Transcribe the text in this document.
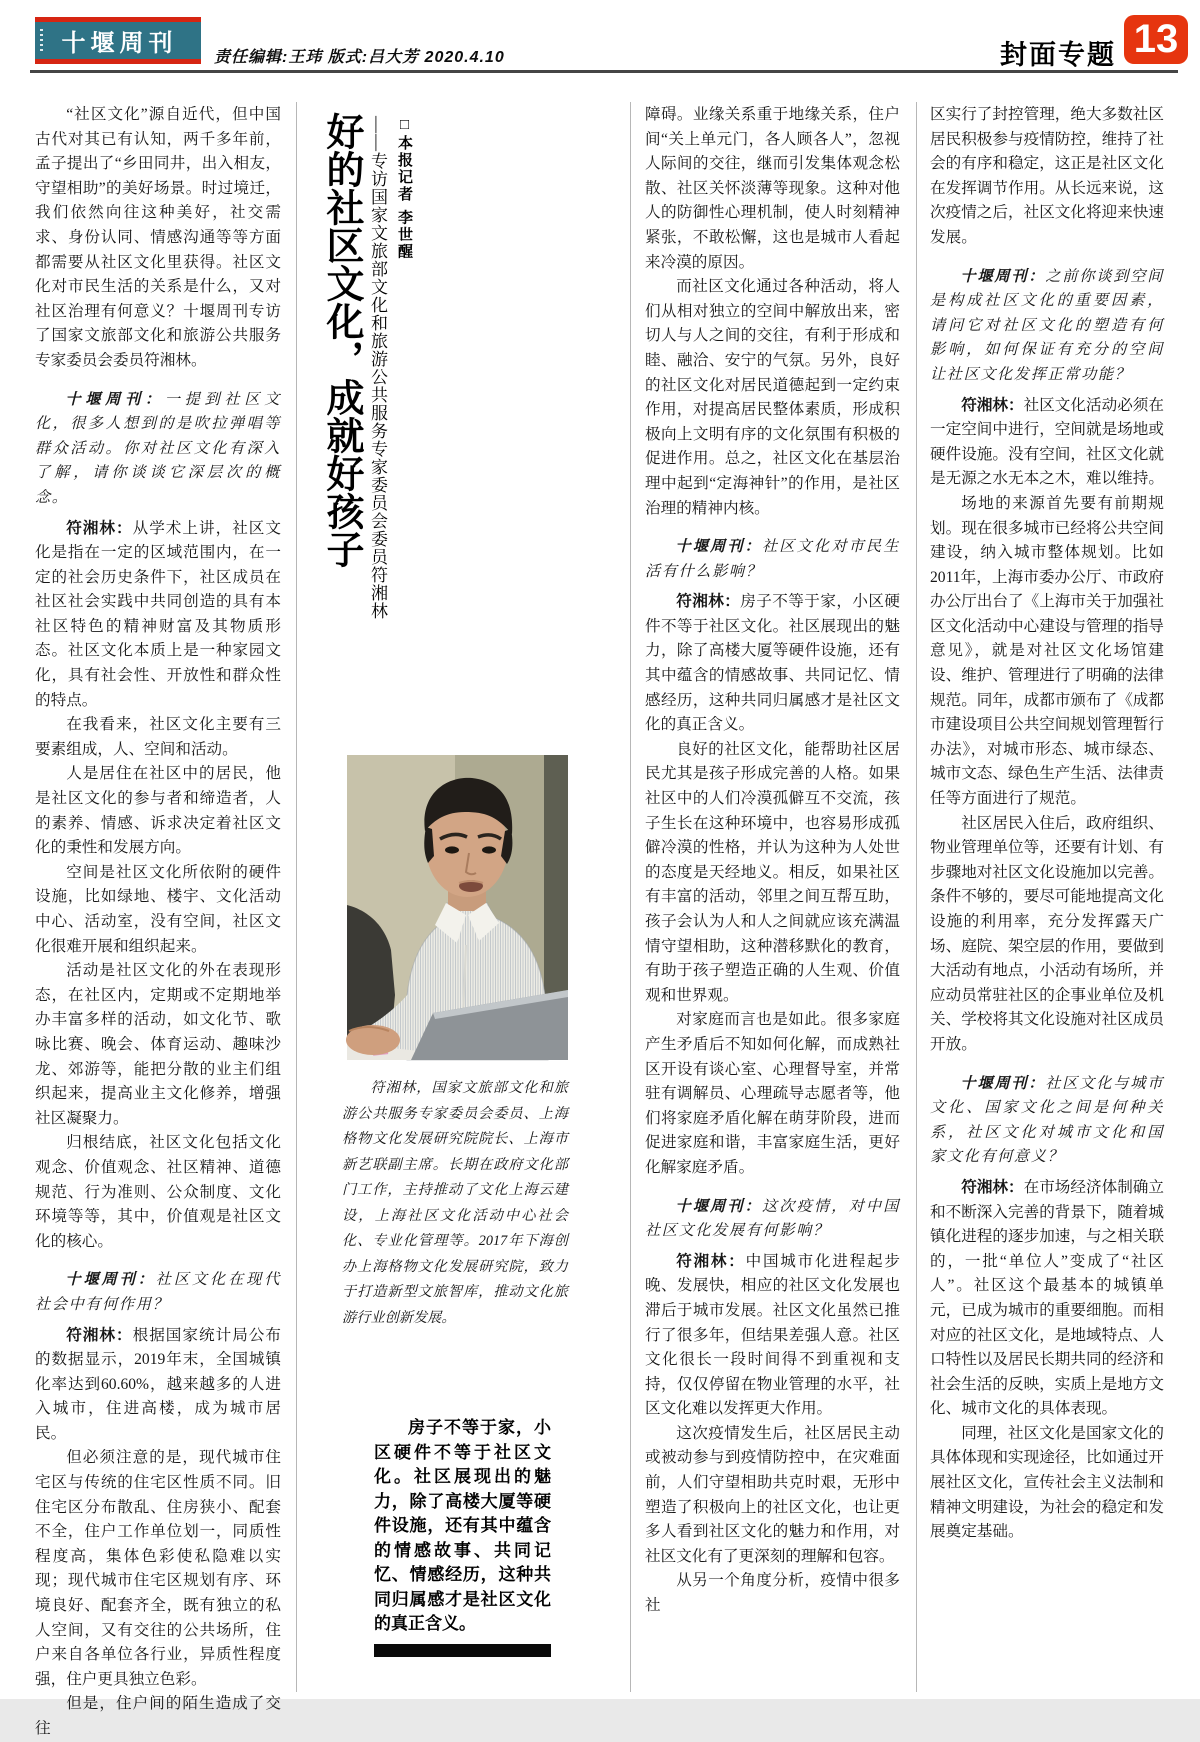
十堰周刊
责任编辑:王玮 版式:吕大芳 2020.4.10	封面专题 13

“社区文化”源自近代，但中国古代对其已有认知，两千多年前，孟子提出了“乡田同井，出入相友，守望相助”的美好场景。时过境迁，我们依然向往这种美好，社交需求、身份认同、情感沟通等等方面都需要从社区文化里获得。社区文化对市民生活的关系是什么，又对社区治理有何意义？十堰周刊专访了国家文旅部文化和旅游公共服务专家委员会委员符湘林。

十堰周刊：一提到社区文化，很多人想到的是吹拉弹唱等群众活动。你对社区文化有深入了解，请你谈谈它深层次的概念。

符湘林：从学术上讲，社区文化是指在一定的区域范围内，在一定的社会历史条件下，社区成员在社区社会实践中共同创造的具有本社区特色的精神财富及其物质形态。社区文化本质上是一种家园文化，具有社会性、开放性和群众性的特点。

在我看来，社区文化主要有三要素组成，人、空间和活动。

人是居住在社区中的居民，他是社区文化的参与者和缔造者，人的素养、情感、诉求决定着社区文化的秉性和发展方向。

空间是社区文化所依附的硬件设施，比如绿地、楼宇、文化活动中心、活动室，没有空间，社区文化很难开展和组织起来。

活动是社区文化的外在表现形态，在社区内，定期或不定期地举办丰富多样的活动，如文化节、歌咏比赛、晚会、体育运动、趣味沙龙、郊游等，能把分散的业主们组织起来，提高业主文化修养，增强社区凝聚力。

归根结底，社区文化包括文化观念、价值观念、社区精神、道德规范、行为准则、公众制度、文化环境等等，其中，价值观是社区文化的核心。

十堰周刊：社区文化在现代社会中有何作用？

符湘林：根据国家统计局公布的数据显示，2019年末，全国城镇化率达到60.60%，越来越多的人进入城市，住进高楼，成为城市居民。

但必须注意的是，现代城市住宅区与传统的住宅区性质不同。旧住宅区分布散乱、住房狭小、配套不全，住户工作单位划一，同质性程度高，集体色彩使私隐难以实现；现代城市住宅区规划有序、环境良好、配套齐全，既有独立的私人空间，又有交往的公共场所，住户来自各单位各行业，异质性程度强，住户更具独立色彩。

但是，住户间的陌生造成了交往

好的社区文化，成就好孩子 ——专访国家文旅部文化和旅游公共服务专家委员会委员符湘林 □本报记者 李世醒

符湘林，国家文旅部文化和旅游公共服务专家委员会委员、上海格物文化发展研究院院长、上海市新艺联副主席。长期在政府文化部门工作，主持推动了文化上海云建设，上海社区文化活动中心社会化、专业化管理等。2017年下海创办上海格物文化发展研究院，致力于打造新型文旅智库，推动文化旅游行业创新发展。

房子不等于家，小区硬件不等于社区文化。社区展现出的魅力，除了高楼大厦等硬件设施，还有其中蕴含的情感故事、共同记忆、情感经历，这种共同归属感才是社区文化的真正含义。

障碍。业缘关系重于地缘关系，住户间“关上单元门，各人顾各人”，忽视人际间的交往，继而引发集体观念松散、社区关怀淡薄等现象。这种对他人的防御性心理机制，使人时刻精神紧张，不敢松懈，这也是城市人看起来冷漠的原因。

而社区文化通过各种活动，将人们从相对独立的空间中解放出来，密切人与人之间的交往，有利于形成和睦、融洽、安宁的气氛。另外，良好的社区文化对居民道德起到一定约束作用，对提高居民整体素质，形成积极向上文明有序的文化氛围有积极的促进作用。总之，社区文化在基层治理中起到“定海神针”的作用，是社区治理的精神内核。

十堰周刊：社区文化对市民生活有什么影响？

符湘林：房子不等于家，小区硬件不等于社区文化。社区展现出的魅力，除了高楼大厦等硬件设施，还有其中蕴含的情感故事、共同记忆、情感经历，这种共同归属感才是社区文化的真正含义。

良好的社区文化，能帮助社区居民尤其是孩子形成完善的人格。如果社区中的人们冷漠孤僻互不交流，孩子生长在这种环境中，也容易形成孤僻冷漠的性格，并认为这种为人处世的态度是天经地义。相反，如果社区有丰富的活动，邻里之间互帮互助，孩子会认为人和人之间就应该充满温情守望相助，这种潜移默化的教育，有助于孩子塑造正确的人生观、价值观和世界观。

对家庭而言也是如此。很多家庭产生矛盾后不知如何化解，而成熟社区开设有谈心室、心理督导室，并常驻有调解员、心理疏导志愿者等，他们将家庭矛盾化解在萌芽阶段，进而促进家庭和谐，丰富家庭生活，更好化解家庭矛盾。

十堰周刊：这次疫情，对中国社区文化发展有何影响？

符湘林：中国城市化进程起步晚、发展快，相应的社区文化发展也滞后于城市发展。社区文化虽然已推行了很多年，但结果差强人意。社区文化很长一段时间得不到重视和支持，仅仅停留在物业管理的水平，社区文化难以发挥更大作用。

这次疫情发生后，社区居民主动或被动参与到疫情防控中，在灾难面前，人们守望相助共克时艰，无形中塑造了积极向上的社区文化，也让更多人看到社区文化的魅力和作用，对社区文化有了更深刻的理解和包容。

从另一个角度分析，疫情中很多社

区实行了封控管理，绝大多数社区居民积极参与疫情防控，维持了社会的有序和稳定，这正是社区文化在发挥调节作用。从长远来说，这次疫情之后，社区文化将迎来快速发展。

十堰周刊：之前你谈到空间是构成社区文化的重要因素，请问它对社区文化的塑造有何影响，如何保证有充分的空间让社区文化发挥正常功能？

符湘林：社区文化活动必须在一定空间中进行，空间就是场地或硬件设施。没有空间，社区文化就是无源之水无本之木，难以维持。

场地的来源首先要有前期规划。现在很多城市已经将公共空间建设，纳入城市整体规划。比如2011年，上海市委办公厅、市政府办公厅出台了《上海市关于加强社区文化活动中心建设与管理的指导意见》，就是对社区文化场馆建设、维护、管理进行了明确的法律规范。同年，成都市颁布了《成都市建设项目公共空间规划管理暂行办法》，对城市形态、城市绿态、城市文态、绿色生产生活、法律责任等方面进行了规范。

社区居民入住后，政府组织、物业管理单位等，还要有计划、有步骤地对社区文化设施加以完善。条件不够的，要尽可能地提高文化设施的利用率，充分发挥露天广场、庭院、架空层的作用，要做到大活动有地点，小活动有场所，并应动员常驻社区的企事业单位及机关、学校将其文化设施对社区成员开放。

十堰周刊：社区文化与城市文化、国家文化之间是何种关系，社区文化对城市文化和国家文化有何意义？

符湘林：在市场经济体制确立和不断深入完善的背景下，随着城镇化进程的逐步加速，与之相关联的，一批“单位人”变成了“社区人”。社区这个最基本的城镇单元，已成为城市的重要细胞。而相对应的社区文化，是地域特点、人口特性以及居民长期共同的经济和社会生活的反映，实质上是地方文化、城市文化的具体表现。

同理，社区文化是国家文化的具体体现和实现途径，比如通过开展社区文化，宣传社会主义法制和精神文明建设，为社会的稳定和发展奠定基础。
